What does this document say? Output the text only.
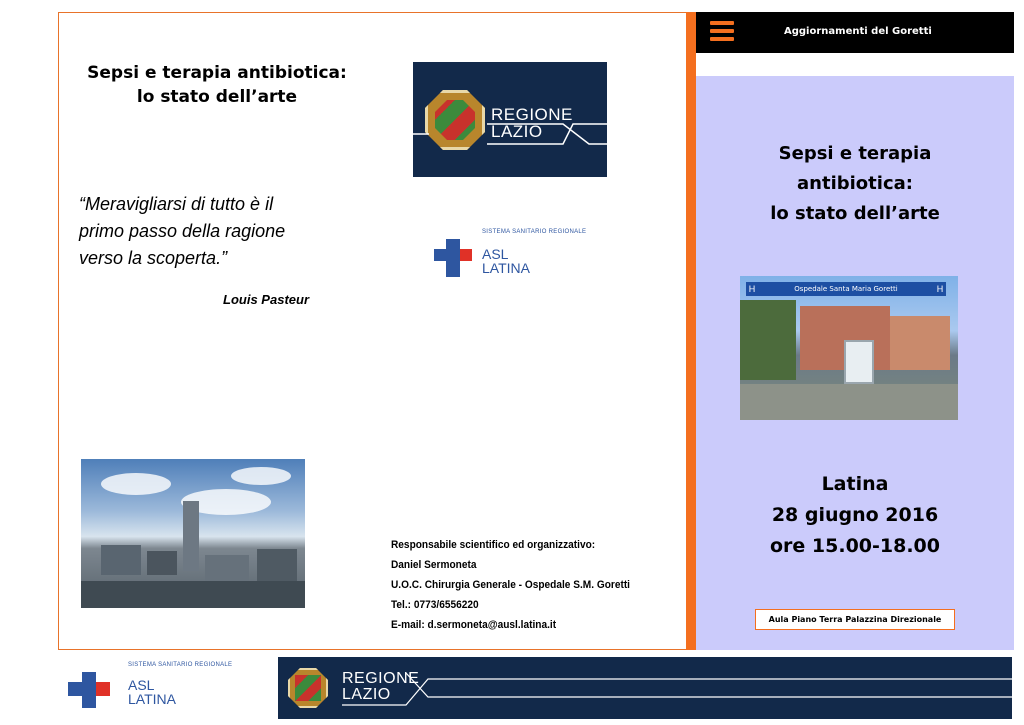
Sepsi e terapia antibiotica:
lo stato dell’arte
REGIONE
LAZIO
SISTEMA SANITARIO REGIONALE
ASL
LATINA
“Meravigliarsi di tutto è il
primo passo della ragione
verso la scoperta.”
Louis Pasteur
Responsabile scientifico ed organizzativo:
Daniel Sermoneta
U.O.C. Chirurgia Generale - Ospedale S.M. Goretti
Tel.: 0773/6556220
E-mail: d.sermoneta@ausl.latina.it
Aggiornamenti del Goretti
Sepsi e terapia
antibiotica:
lo stato dell’arte
Ospedale Santa Maria Goretti
H	H
Latina
28 giugno 2016
ore 15.00-18.00
Aula Piano Terra Palazzina Direzionale
SISTEMA SANITARIO REGIONALE
ASL
LATINA
REGIONE
LAZIO
